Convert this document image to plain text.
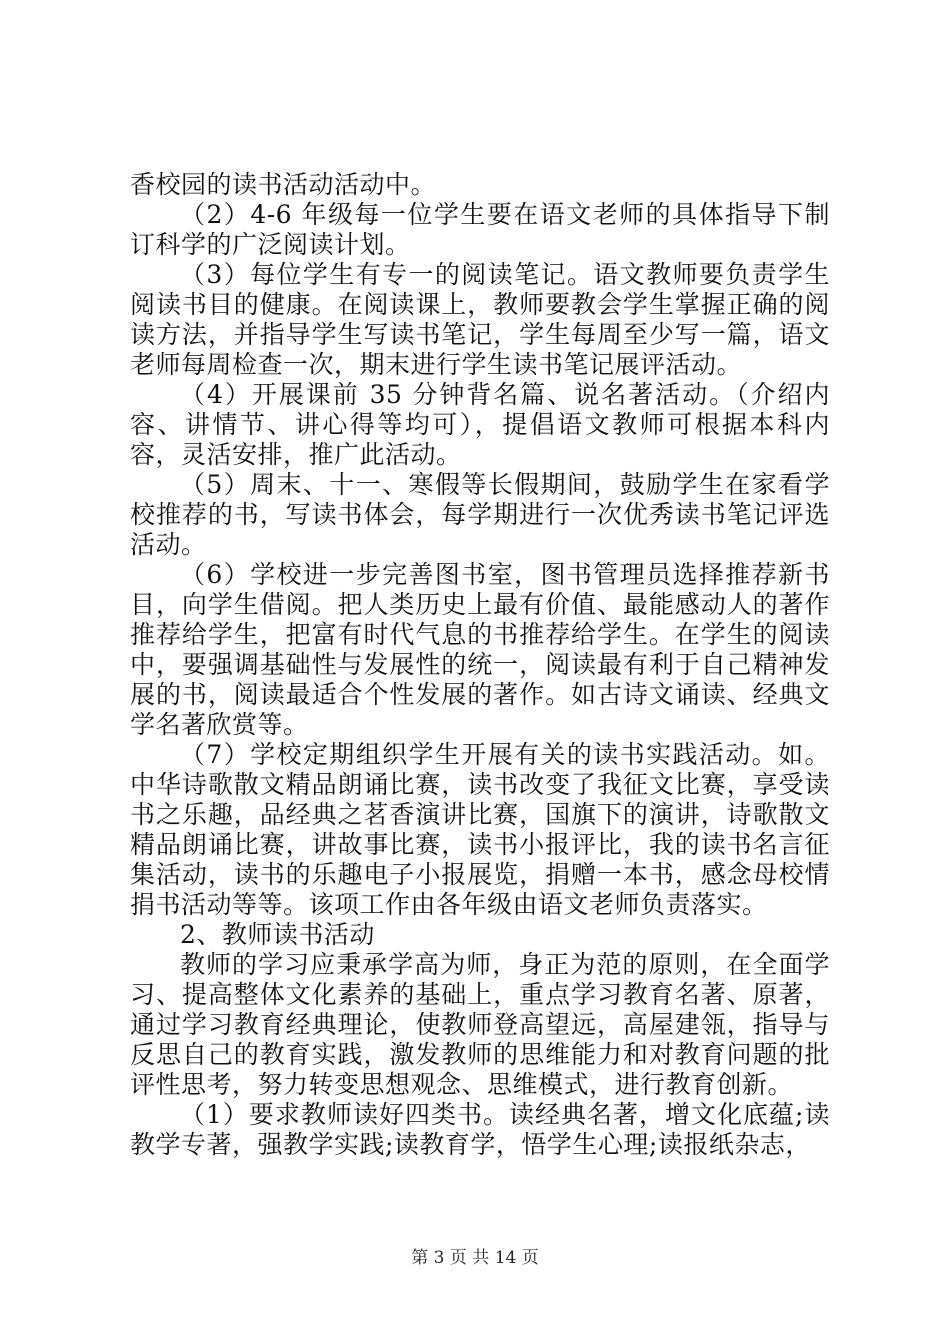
香校园的读书活动活动中。

（2）4-6 年级每一位学生要在语文老师的具体指导下制订科学的广泛阅读计划。

（3）每位学生有专一的阅读笔记。语文教师要负责学生阅读书目的健康。在阅读课上，教师要教会学生掌握正确的阅读方法，并指导学生写读书笔记，学生每周至少写一篇，语文老师每周检查一次，期末进行学生读书笔记展评活动。

（4）开展课前 35 分钟背名篇、说名著活动。（介绍内容、讲情节、讲心得等均可），提倡语文教师可根据本科内容，灵活安排，推广此活动。

（5）周末、十一、寒假等长假期间，鼓励学生在家看学校推荐的书，写读书体会，每学期进行一次优秀读书笔记评选活动。

（6）学校进一步完善图书室，图书管理员选择推荐新书目，向学生借阅。把人类历史上最有价值、最能感动人的著作推荐给学生，把富有时代气息的书推荐给学生。在学生的阅读中，要强调基础性与发展性的统一，阅读最有利于自己精神发展的书，阅读最适合个性发展的著作。如古诗文诵读、经典文学名著欣赏等。

（7）学校定期组织学生开展有关的读书实践活动。如。中华诗歌散文精品朗诵比赛，读书改变了我征文比赛，享受读书之乐趣，品经典之茗香演讲比赛，国旗下的演讲，诗歌散文精品朗诵比赛，讲故事比赛，读书小报评比，我的读书名言征集活动，读书的乐趣电子小报展览，捐赠一本书，感念母校情捐书活动等等。该项工作由各年级由语文老师负责落实。

2、教师读书活动

教师的学习应秉承学高为师，身正为范的原则，在全面学习、提高整体文化素养的基础上，重点学习教育名著、原著，通过学习教育经典理论，使教师登高望远，高屋建瓴，指导与反思自己的教育实践，激发教师的思维能力和对教育问题的批评性思考，努力转变思想观念、思维模式，进行教育创新。

（1）要求教师读好四类书。读经典名著，增文化底蕴;读教学专著，强教学实践;读教育学，悟学生心理;读报纸杂志，

第 3 页 共 14 页
